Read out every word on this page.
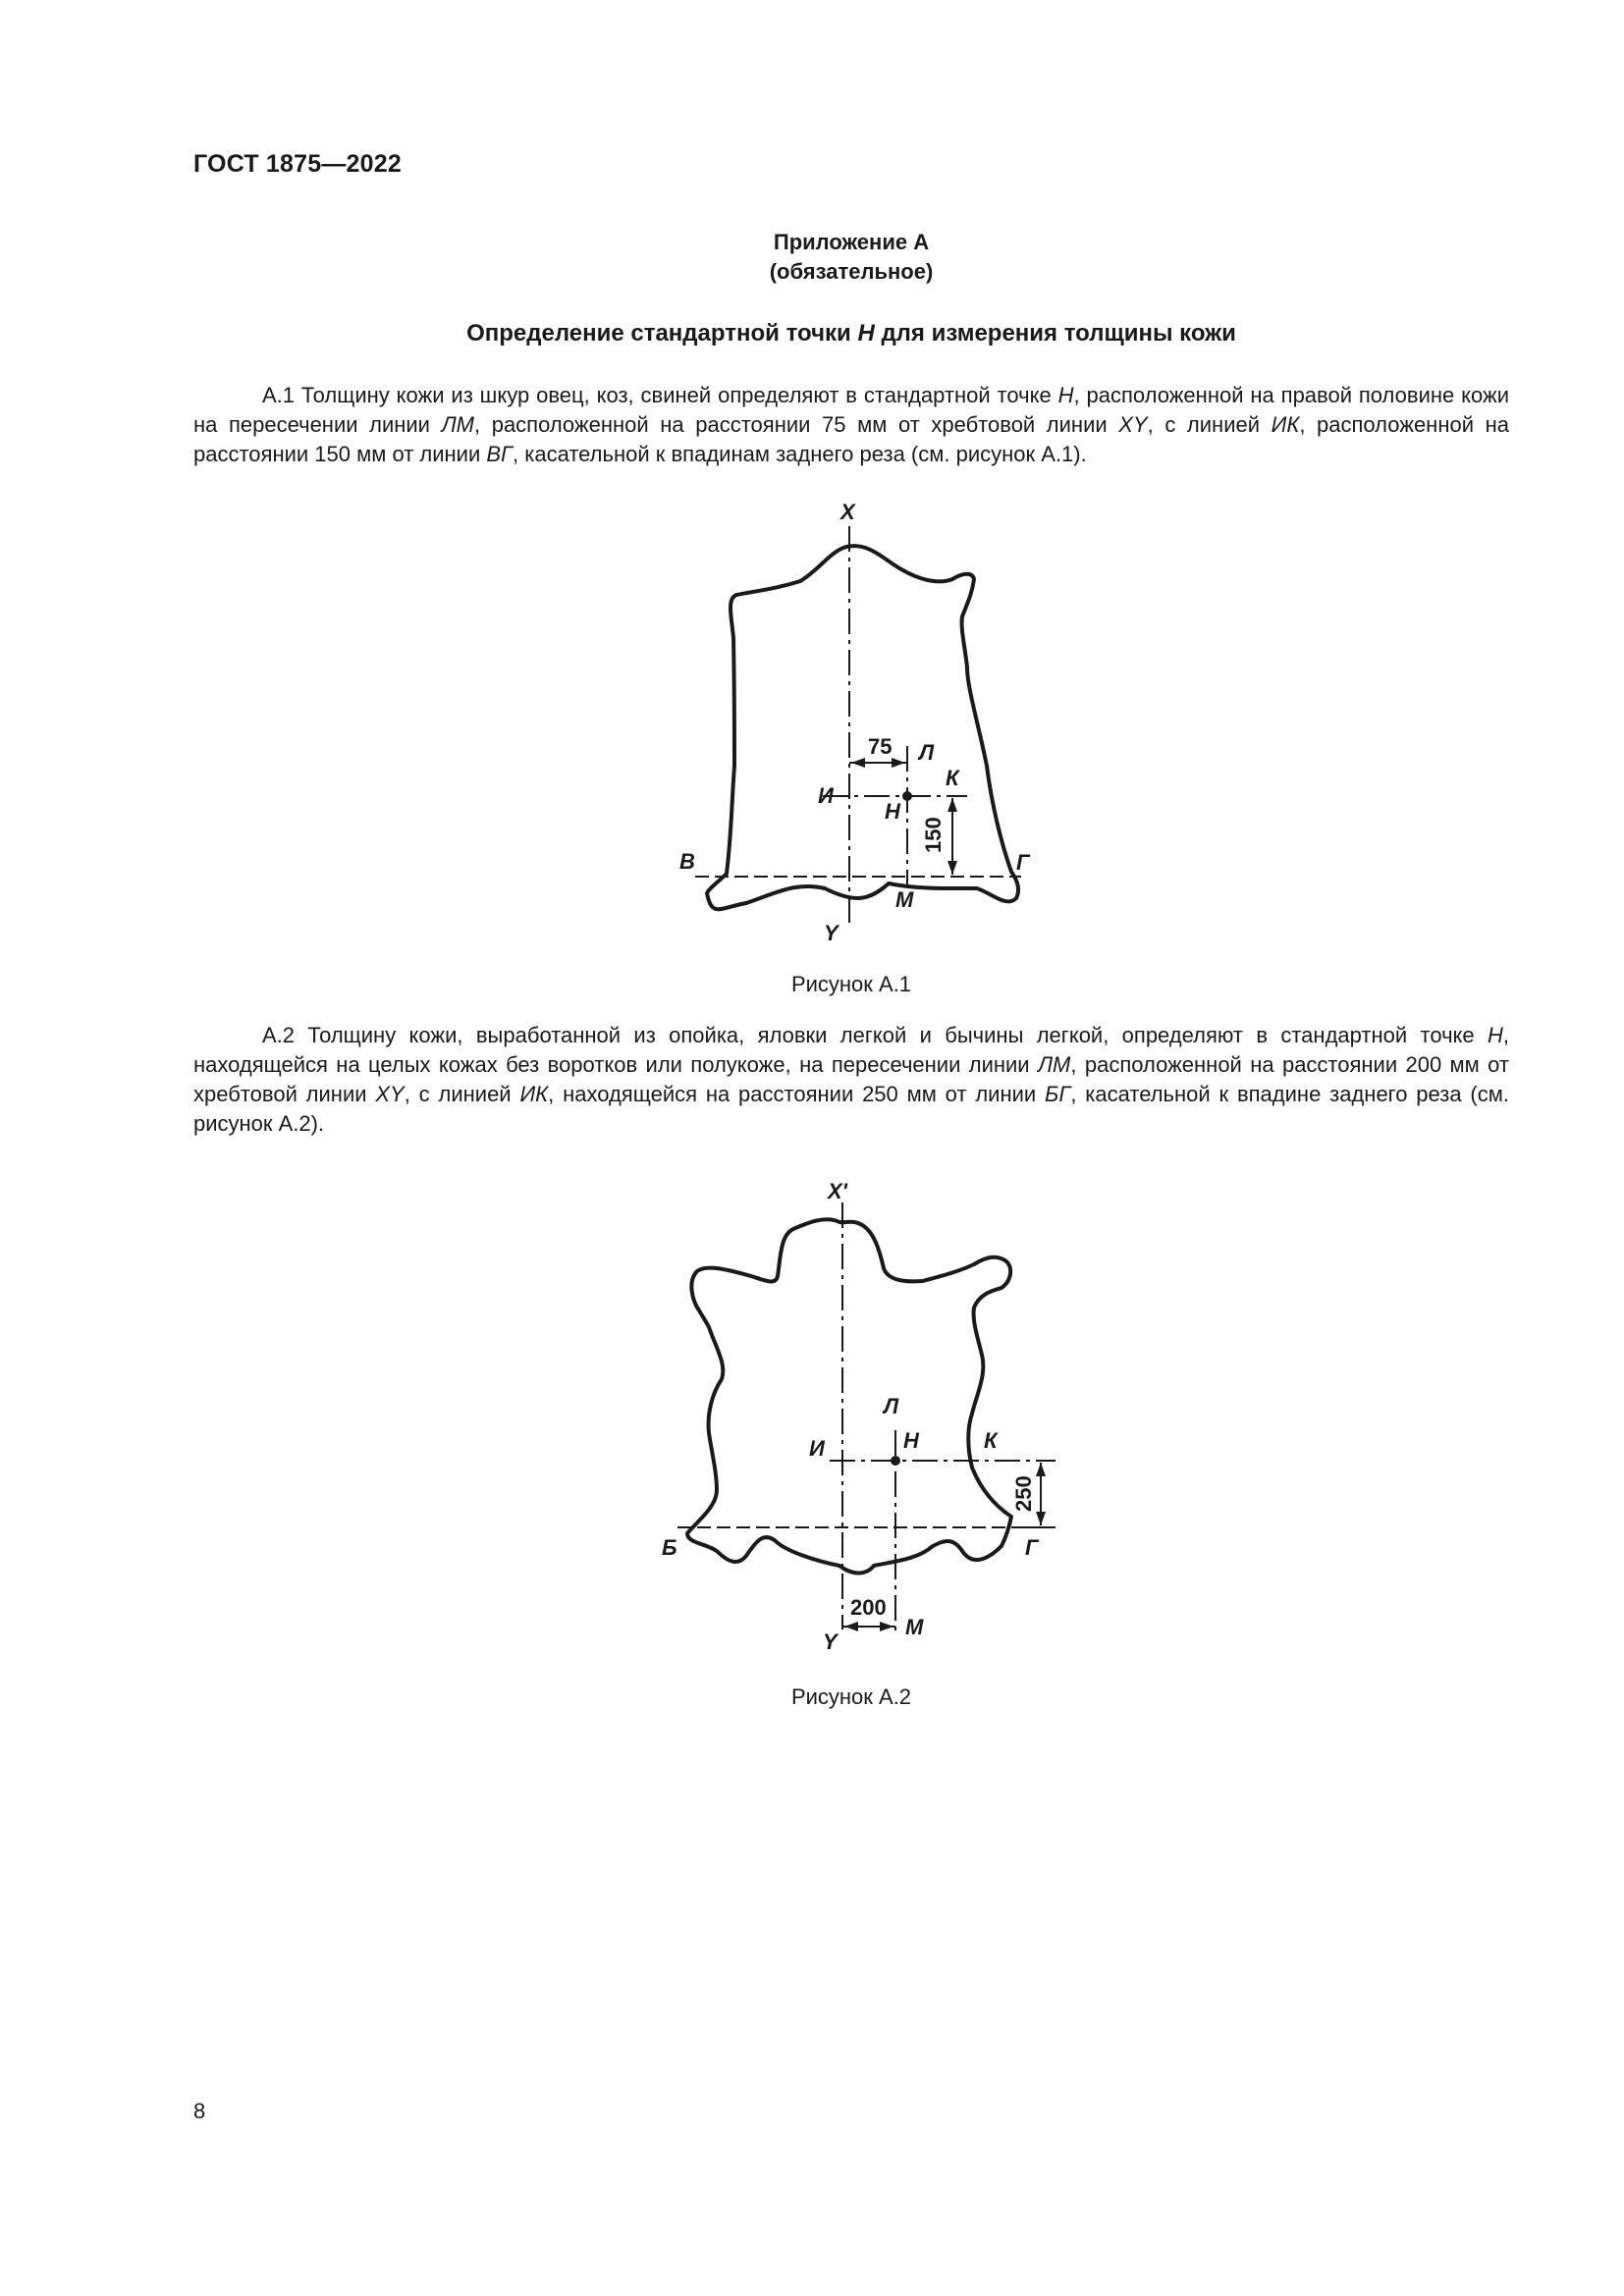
ГОСТ 1875—2022
Приложение А
(обязательное)
Определение стандартной точки Н для измерения толщины кожи

А.1 Толщину кожи из шкур овец, коз, свиней определяют в стандартной точке Н, расположенной на правой половине кожи на пересечении линии ЛМ, расположенной на расстоянии 75 мм от хребтовой линии XY, с линией ИК, расположенной на расстоянии 150 мм от линии ВГ, касательной к впадинам заднего реза (см. рисунок А.1).

X
Л
К
И
Н
В	Г
М
Y
75
150
Рисунок А.1

А.2 Толщину кожи, выработанной из опойка, яловки легкой и бычины легкой, определяют в стандартной точке Н, находящейся на целых кожах без воротков или полукоже, на пересечении линии ЛМ, расположенной на расстоянии 200 мм от хребтовой линии XY, с линией ИК, находящейся на расстоянии 250 мм от линии БГ, касательной к впадине заднего реза (см. рисунок А.2).

X'
Л
Н	К
И
Б	Г
М
Y
200
250
Рисунок А.2
8
